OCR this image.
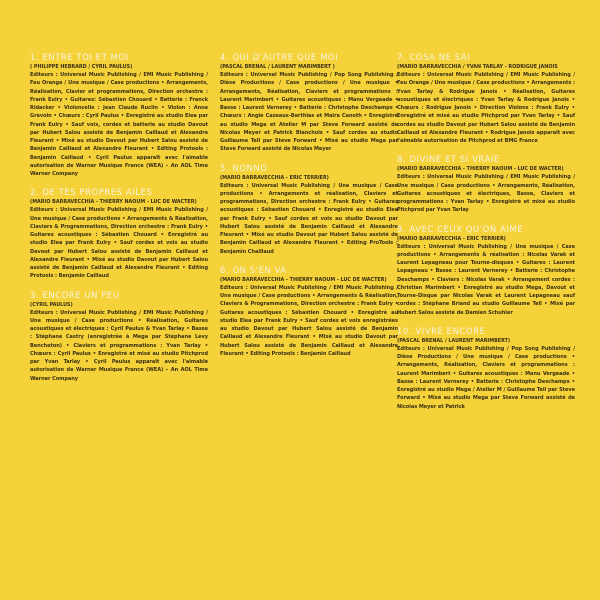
1. ENTRE TOI ET MOI
( PHILIPPE HEBRARD / CYRIL PAULUS)

Editeurs : Universal Music Publishing / EMI Music Publishing / Feu Orange / Une musique / Case productions • Arrangements, Réalisation, Clavier et programmations, Direction orchestre : Frank Eulry • Guitares: Sébastien Chouard • Batterie : Franck Ridacker • Violoncelle : Jean Claude Ruclin • Violon : Anne Gravoin • Chœurs : Cyril Paulus • Enregistré au studio Elea par Frank Eulry • Sauf voix, cordes et batterie au studio Davout par Hubert Salou assisté de Benjamin Caillaud et Alexandre Fleurant • Mixé au studio Davout par Hubert Salou assisté de Benjamin Caillaud et Alexandre Fleurant • Editing Protools : Benjamin Caillaud • Cyril Paulus apparaît avec l'aimable autorisation de Warner Musique France (WEA) – An AOL Time Warner Company

2. DE TES PROPRES AILES
(MARIO BARRAVECCHIA - THIERRY NAOUM - LUC DE WACTER)

Editeurs : Universal Music Publishing / EMI Music Publishing / Une musique / Case productions • Arrangements & Réalisation, Claviers & Programmations, Direction orchestre : Frank Eulry • Guitares acoustiques : Sébastien Chouard • Enregistré au studio Elea par Frank Eulry • Sauf cordes et voix au studio Davout par Hubert Salou assisté de Benjamin Caillaud et Alexandre Fleurant • Mixé au studio Davout par Hubert Salou assisté de Benjamin Caillaud et Alexandre Fleurant • Editing Protools : Benjamin Caillaud

3. ENCORE UN PEU
(CYRIL PAULUS)

Editeurs : Universal Music Publishing / EMI Music Publishing / Une musique / Case productions • Réalisation, Guitares acoustiques et électriques : Cyril Paulus & Yvan Tarlay • Basse : Stéphane Castry (enregistrée à Mega par Stéphane Levy Bencheton) • Claviers et programmations : Yvan Tarlay • Chœurs : Cyril Paulus • Enregistré et mixé au studio Pitchprod par Yvan Tarlay • Cyril Paulus apparaît avec l'aimable autorisation de Warner Musique France (WEA) – An AOL Time Warner Company

4. QUI D'AUTRE QUE MOI
(PASCAL BRENAL / LAURENT MARIMBERT )

Editeurs : Universal Music Publishing / Pop Song Publishing / Dièse Productions / Case productions / Une musique • Arrangements, Réalisation, Claviers et programmations : Laurent Marimbert • Guitares acoustiques : Manu Vergeade • Basse : Laurent Vernerey • Batterie : Christophe Deschamps • Chœurs : Angie Cazeaux-Berthias et Maïra Canoth • Enregistré au studio Mega et Atelier M par Steve Forward assisté de Nicolas Meyer et Patrick Blanchois • Sauf cordes au studio Guillaume Tell par Steve Forward • Mixé au studio Mega par Steve Forward assisté de Nicolas Meyer

5. NONNO
(MARIO BARRAVECCHIA - ERIC TERRIER)

Editeurs : Universal Music Publishing / Une musique / Case productions • Arrangements et réalisation, Claviers et programmations, Direction orchestre : Frank Eulry • Guitares acoustiques : Sébastien Chouard • Enregistré au studio Elea par Frank Eulry • Sauf cordes et voix au studio Davout par Hubert Salou assisté de Benjamin Caillaud et Alexandre Fleurant • Mixé au studio Davout par Hubert Salou assisté de Benjamin Caillaud et Alexandre Fleurant • Editing ProTools : Benjamin Chaillaud

6. ON S'EN VA
(MARIO BARRAVECCHIA - THIERRY NAOUM - LUC DE WACTER)

Editeurs : Universal Music Publishing / EMI Music Publishing / Une musique / Case productions • Arrangements & Réalisation, Claviers & Programmations, Direction orchestre : Frank Eulry • Guitares acoustiques : Sébastien Chouard • Enregistré au studio Elea par Frank Eulry • Sauf cordes et voix enregistrées au studio Davout par Hubert Salou assisté de Benjamin Caillaud et Alexandre Fleurant • Mixé au studio Davout par Hubert Salou assisté de Benjamin Caillaud et Alexandre Fleurant • Editing Protools : Benjamin Caillaud

7. COSA NE SAI
(MARIO BARRAVECCHIA / YVAN TARLAY - RODRIGUE JANOIS

Editeurs : Universal Music Publishing / EMI Music Publishing / Feu Orange / Une musique / Case productions • Arrangements : Yvan Tarlay & Rodrigue Janois • Réalisation, Guitares acoustiques et électriques : Yvan Tarlay & Rodrigue Janois • Chœurs : Rodrigue Janois • Direction Violons : Frank Eulry • Enregistré et mixé au studio Pitchprod par Yvan Tarlay • Sauf cordes au studio Davout par Hubert Salou assisté de Benjamin Caillaud et Alexandre Fleurant • Rodrigue Janois apparaît avec l'aimable autorisation de Pitchprod et BMG France

8. DIVINE ET SI VRAIE
(MARIO BARRAVECCHIA - THIERRY NAOUM - LUC DE WACTER)

Editeurs : Universal Music Publishing / EMI Music Publishing / Une musique / Case productions • Arrangements, Réalisation, Guitares acoustiques et électriques, Basse, Claviers et programmations : Yvan Tarlay • Enregistré et mixé au studio Pitchprod par Yvan Tarlay

9. AVEC CEUX QU'ON AIME
(MARIO BARRAVECCHIA - ERIC TERRIER)

Editeurs : Universal Music Publishing / Une musique / Case productions • Arrangements & réalisation : Nicolas Varak et Laurent Lepagneau pour Tourne-disques • Guitares : Laurent Lepagneau • Basse : Laurent Vernerey • Batterie : Christophe Deschamps • Claviers : Nicolas Varak • Arrangement cordes : Christian Marimbert • Enregistré au studio Mega, Davout et Tourne-Disque par Nicolas Varak et Laurent Lepagneau sauf cordes : Stéphane Briand au studio Guillaume Tell • Mixé par Hubert Salou assisté de Damien Schuhler

10. VIVRE ENCORE
(PASCAL BRENAL / LAURENT MARIMBERT)

Editeurs : Universal Music Publishing / Pop Song Publishing / Dièse Productions / Une musique / Case productions • Arrangements, Réalisation, Claviers et programmations : Laurent Marimbert • Guitares acoustiques : Manu Vergeade • Basse : Laurent Vernerey • Batterie : Christophe Deschamps • Enregistré au studio Mega / Atelier M / Guillaume Tell par Steve Forward • Mixé au studio Mega par Steve Forward assisté de Nicolas Meyer et Patrick
